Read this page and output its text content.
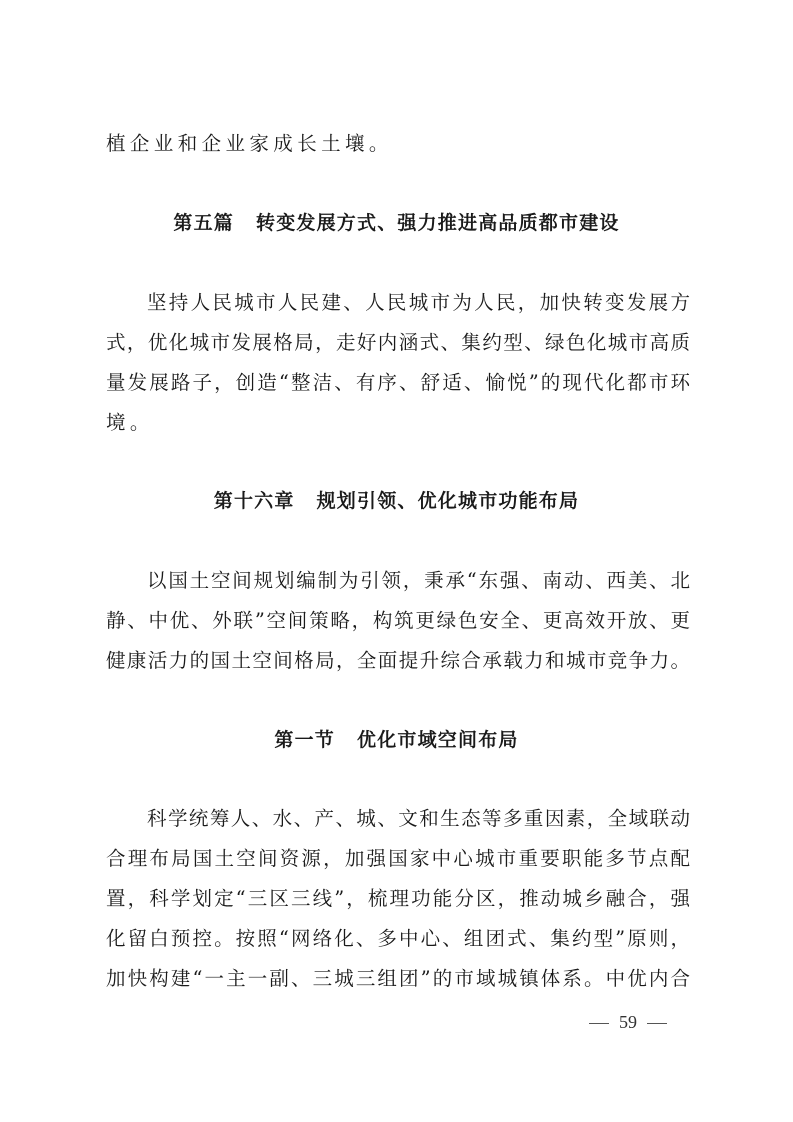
植企业和企业家成长土壤。
第五篇 转变发展方式、强力推进高品质都市建设
坚持人民城市人民建、人民城市为人民，加快转变发展方
式，优化城市发展格局，走好内涵式、集约型、绿色化城市高质
量发展路子，创造“整洁、有序、舒适、愉悦”的现代化都市环
境。
第十六章 规划引领、优化城市功能布局
以国土空间规划编制为引领，秉承“东强、南动、西美、北
静、中优、外联”空间策略，构筑更绿色安全、更高效开放、更
健康活力的国土空间格局，全面提升综合承载力和城市竞争力。
第一节 优化市域空间布局
科学统筹人、水、产、城、文和生态等多重因素，全域联动
合理布局国土空间资源，加强国家中心城市重要职能多节点配
置，科学划定“三区三线”，梳理功能分区，推动城乡融合，强
化留白预控。按照“网络化、多中心、组团式、集约型”原则，
加快构建“一主一副、三城三组团”的市域城镇体系。中优内合
59
